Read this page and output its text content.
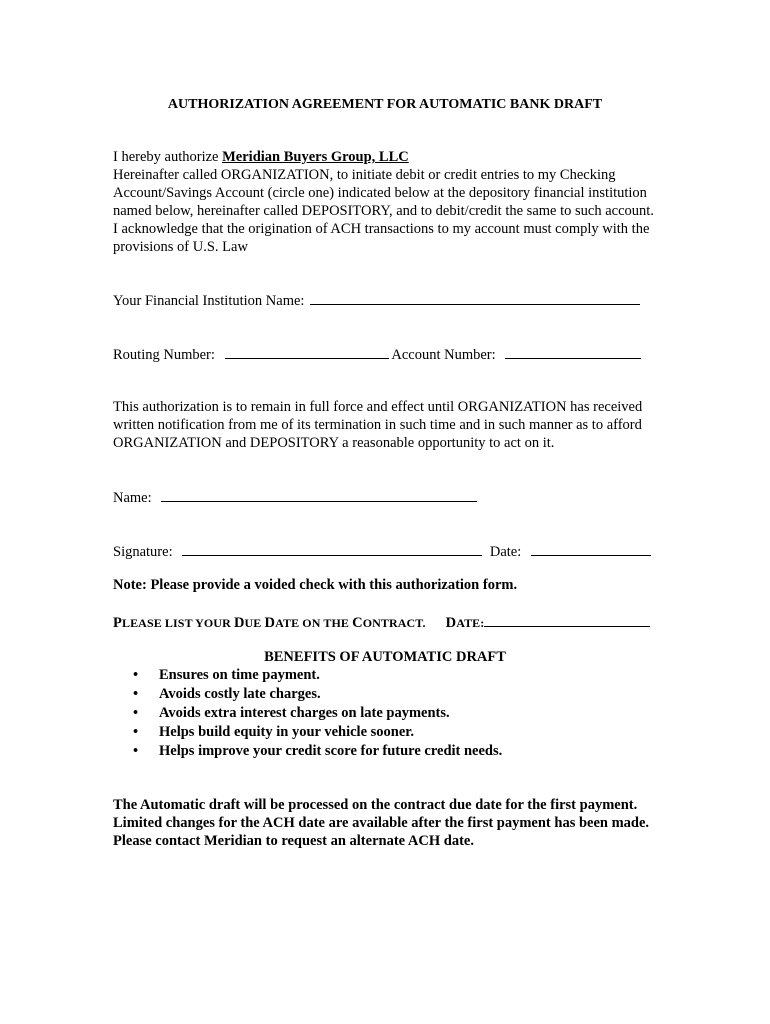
AUTHORIZATION AGREEMENT FOR AUTOMATIC BANK DRAFT
I hereby authorize Meridian Buyers Group, LLC
Hereinafter called ORGANIZATION, to initiate debit or credit entries to my Checking Account/Savings Account (circle one) indicated below at the depository financial institution named below, hereinafter called DEPOSITORY, and to debit/credit the same to such account. I acknowledge that the origination of ACH transactions to my account must comply with the provisions of U.S. Law
Your Financial Institution Name:
Routing Number:	Account Number:
This authorization is to remain in full force and effect until ORGANIZATION has received written notification from me of its termination in such time and in such manner as to afford ORGANIZATION and DEPOSITORY a reasonable opportunity to act on it.
Name:
Signature:	Date:
Note: Please provide a voided check with this authorization form.
PLEASE LIST YOUR DUE DATE ON THE CONTRACT. DATE:
BENEFITS OF AUTOMATIC DRAFT
• Ensures on time payment.
• Avoids costly late charges.
• Avoids extra interest charges on late payments.
• Helps build equity in your vehicle sooner.
• Helps improve your credit score for future credit needs.
The Automatic draft will be processed on the contract due date for the first payment. Limited changes for the ACH date are available after the first payment has been made. Please contact Meridian to request an alternate ACH date.
